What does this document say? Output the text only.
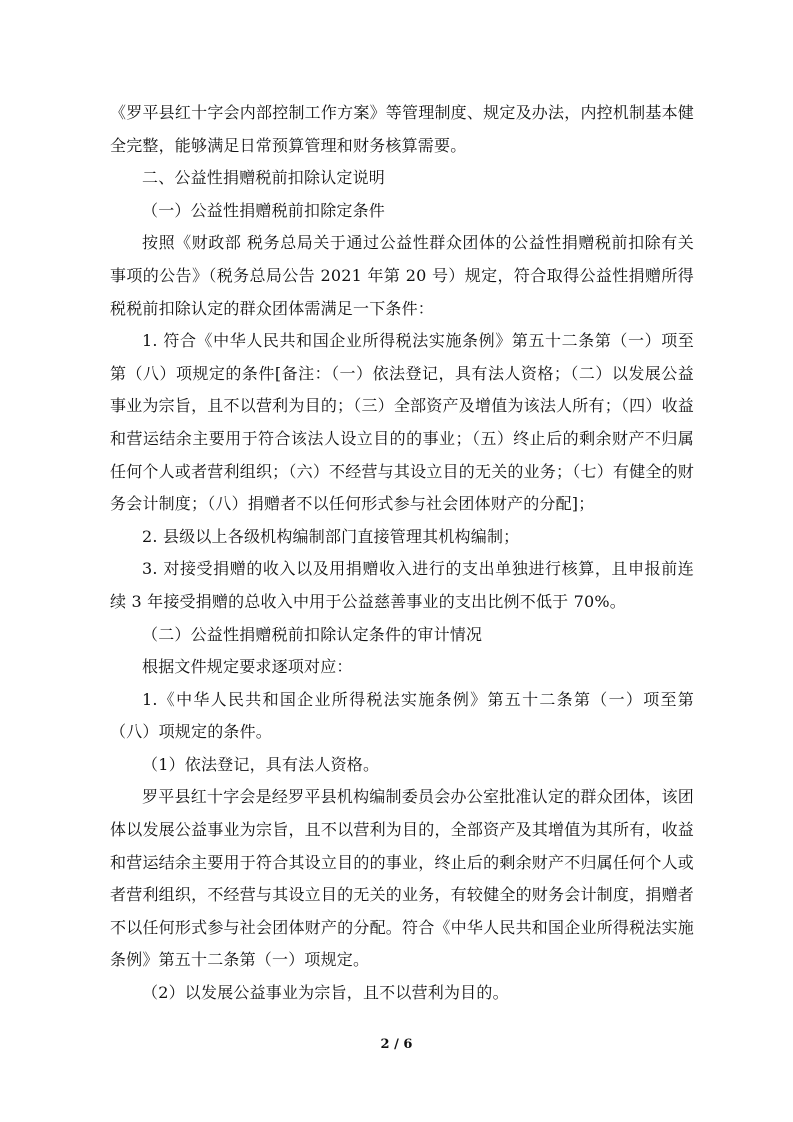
《罗平县红十字会内部控制工作方案》等管理制度、规定及办法，内控机制基本健全完整，能够满足日常预算管理和财务核算需要。

二、公益性捐赠税前扣除认定说明

（一）公益性捐赠税前扣除定条件

按照《财政部 税务总局关于通过公益性群众团体的公益性捐赠税前扣除有关事项的公告》（税务总局公告 2021 年第 20 号）规定，符合取得公益性捐赠所得税税前扣除认定的群众团体需满足一下条件：

1. 符合《中华人民共和国企业所得税法实施条例》第五十二条第（一）项至第（八）项规定的条件[备注：（一）依法登记，具有法人资格；（二）以发展公益事业为宗旨，且不以营利为目的；（三）全部资产及增值为该法人所有；（四）收益和营运结余主要用于符合该法人设立目的的事业；（五）终止后的剩余财产不归属任何个人或者营利组织；（六）不经营与其设立目的无关的业务；（七）有健全的财务会计制度；（八）捐赠者不以任何形式参与社会团体财产的分配]；

2. 县级以上各级机构编制部门直接管理其机构编制；

3. 对接受捐赠的收入以及用捐赠收入进行的支出单独进行核算，且申报前连续 3 年接受捐赠的总收入中用于公益慈善事业的支出比例不低于 70%。

（二）公益性捐赠税前扣除认定条件的审计情况

根据文件规定要求逐项对应：

1.《中华人民共和国企业所得税法实施条例》第五十二条第（一）项至第（八）项规定的条件。

（1）依法登记，具有法人资格。

罗平县红十字会是经罗平县机构编制委员会办公室批准认定的群众团体，该团体以发展公益事业为宗旨，且不以营利为目的，全部资产及其增值为其所有，收益和营运结余主要用于符合其设立目的的事业，终止后的剩余财产不归属任何个人或者营利组织，不经营与其设立目的无关的业务，有较健全的财务会计制度，捐赠者不以任何形式参与社会团体财产的分配。符合《中华人民共和国企业所得税法实施条例》第五十二条第（一）项规定。

（2）以发展公益事业为宗旨，且不以营利为目的。

2 / 6
